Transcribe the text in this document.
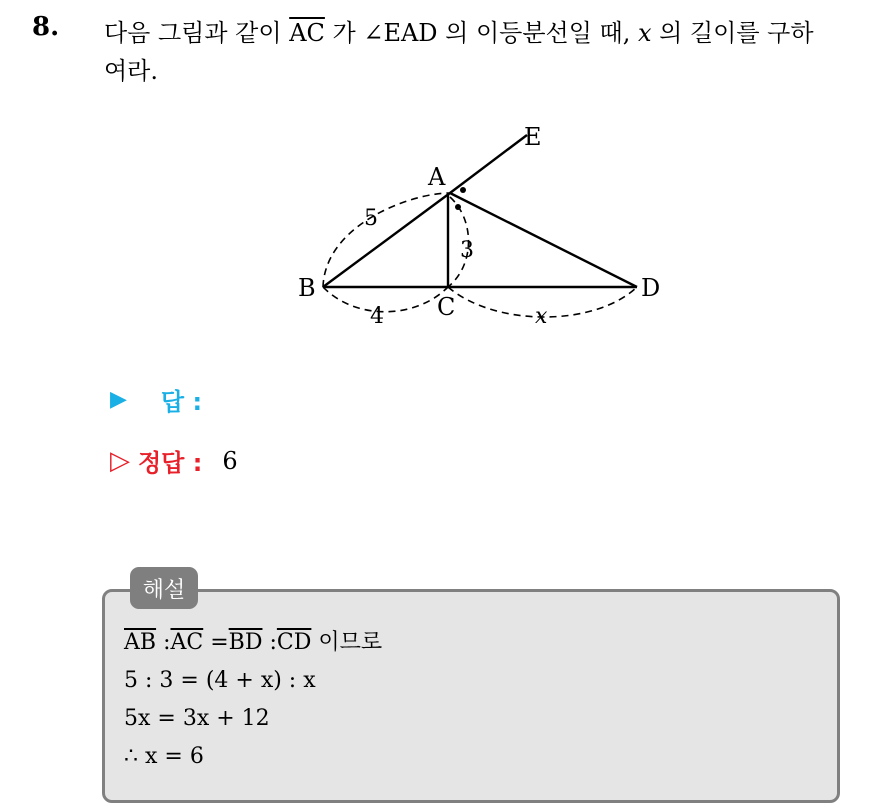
8. 다음 그림과 같이 $\overline{AC}$ 가 ∠EAD 의 이등분선일 때, x 의 길이를 구하
여라.
E
A
B
C
D
5
3
4	x
▶ 답 :
▷ 정답 : 6
해설
$\overline{AB}$ $:\overline{AC} =\overline{BD}$ $:\overline{CD}$ 이므로
5 : 3 = (4 + x) : x
5x = 3x + 12
∴ x = 6
